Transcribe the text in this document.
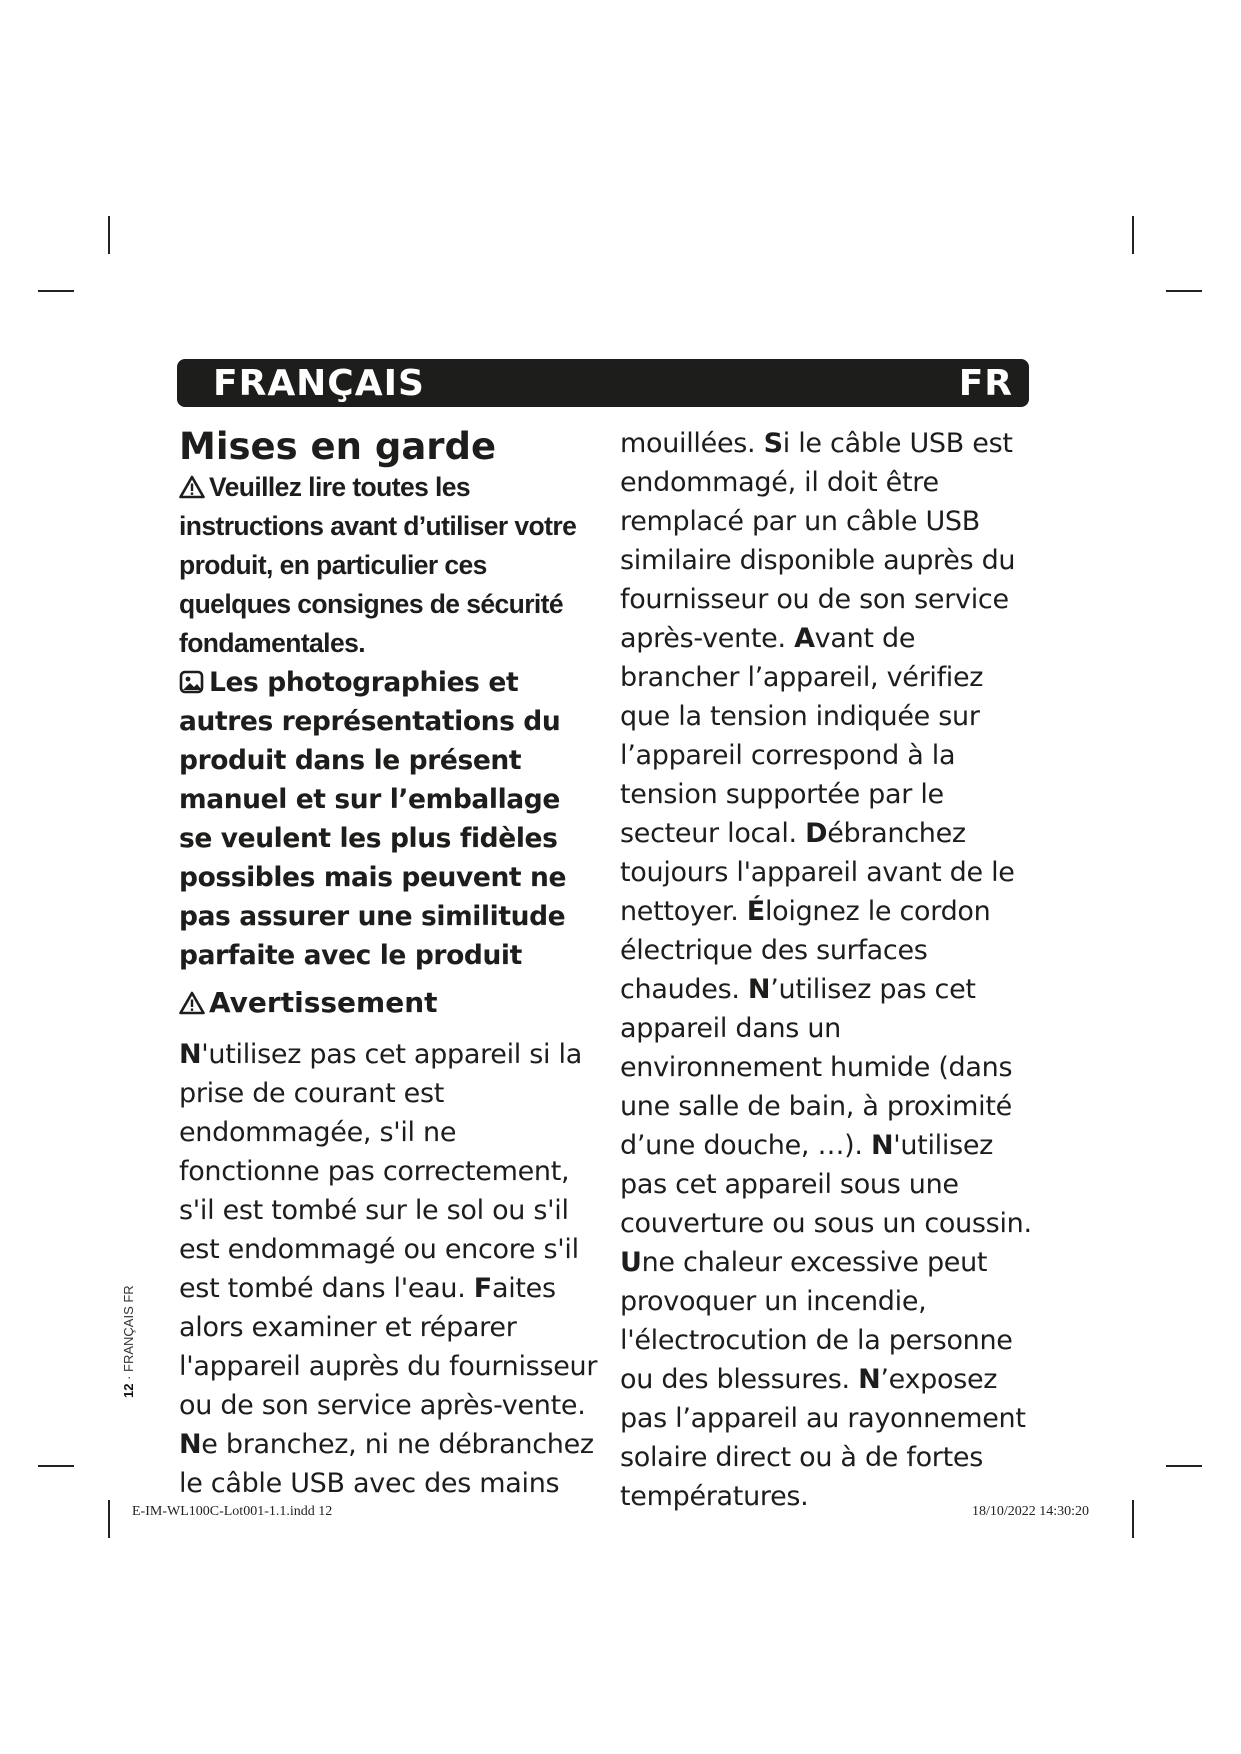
FRANÇAIS	FR
Mises en garde

Veuillez lire toutes les instructions avant d’utiliser votre produit, en particulier ces quelques consignes de sécurité fondamentales.

Les photographies et autres représentations du produit dans le présent manuel et sur l’emballage se veulent les plus fidèles possibles mais peuvent ne pas assurer une similitude parfaite avec le produit

Avertissement

N'utilisez pas cet appareil si la prise de courant est endommagée, s'il ne fonctionne pas correctement, s'il est tombé sur le sol ou s'il est endommagé ou encore s'il est tombé dans l'eau. Faites alors examiner et réparer l'appareil auprès du fournisseur ou de son service après-vente. Ne branchez, ni ne débranchez le câble USB avec des mains

mouillées. Si le câble USB est endommagé, il doit être remplacé par un câble USB similaire disponible auprès du fournisseur ou de son service après-vente. Avant de brancher l’appareil, vérifiez que la tension indiquée sur l’appareil correspond à la tension supportée par le secteur local. Débranchez toujours l'appareil avant de le nettoyer. Éloignez le cordon électrique des surfaces chaudes. N’utilisez pas cet appareil dans un environnement humide (dans une salle de bain, à proximité d’une douche, …). N'utilisez pas cet appareil sous une couverture ou sous un coussin. Une chaleur excessive peut provoquer un incendie, l'électrocution de la personne ou des blessures. N’exposez pas l’appareil au rayonnement solaire direct ou à de fortes températures.

12 · FRANÇAIS FR
E-IM-WL100C-Lot001-1.1.indd 12	18/10/2022 14:30:20
